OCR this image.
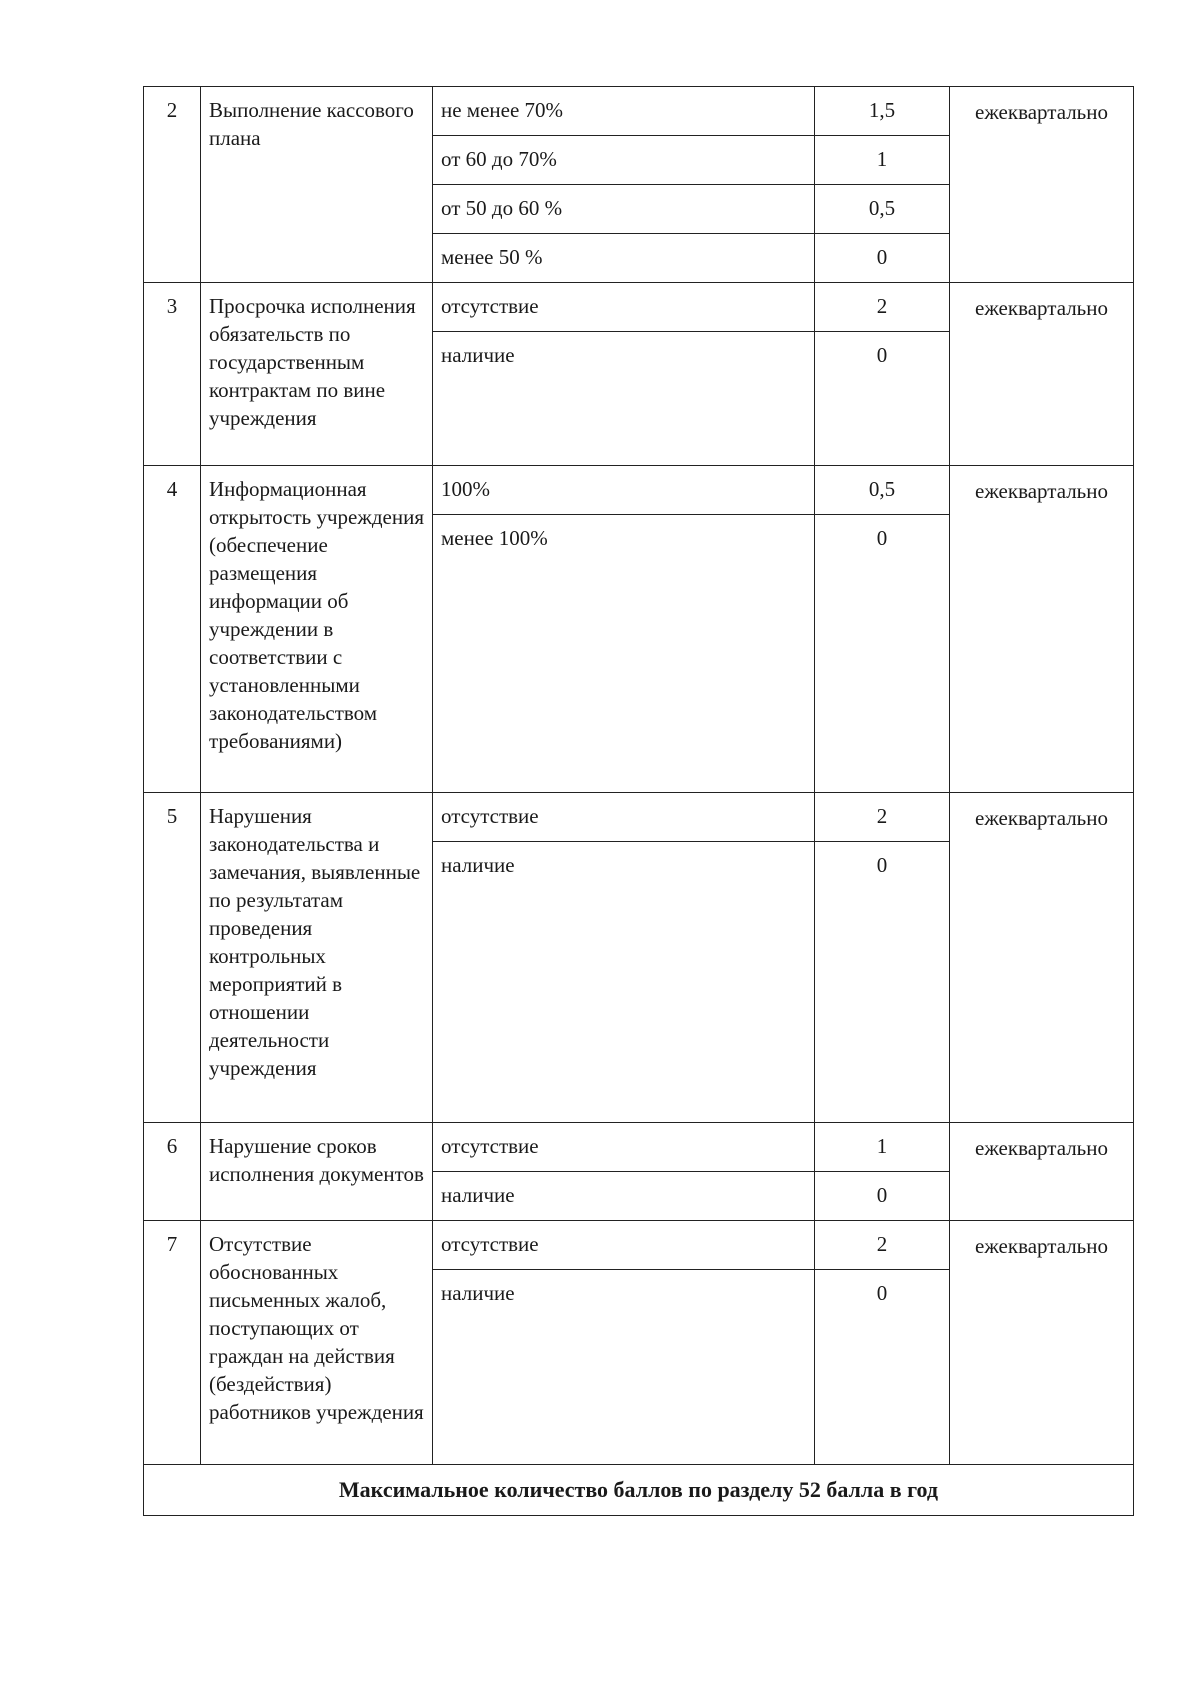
2	Выполнение кассового плана	не менее 70%	1,5	ежеквартально
		от 60 до 70%	1	
		от 50 до 60 %	0,5	
		менее 50 %	0	
3	Просрочка исполнения обязательств по государственным контрактам по вине учреждения	отсутствие	2	ежеквартально
		наличие	0	
4	Информационная открытость учреждения (обеспечение размещения информации об учреждении в соответствии с установленными законодательством требованиями)	100%	0,5	ежеквартально
		менее 100%	0	
5	Нарушения законодательства и замечания, выявленные по результатам проведения контрольных мероприятий в отношении деятельности учреждения	отсутствие	2	ежеквартально
		наличие	0	
6	Нарушение сроков исполнения документов	отсутствие	1	ежеквартально
		наличие	0	
7	Отсутствие обоснованных письменных жалоб, поступающих от граждан на действия (бездействия) работников учреждения	отсутствие	2	ежеквартально
		наличие	0	
Максимальное количество баллов по разделу 52 балла в год				
